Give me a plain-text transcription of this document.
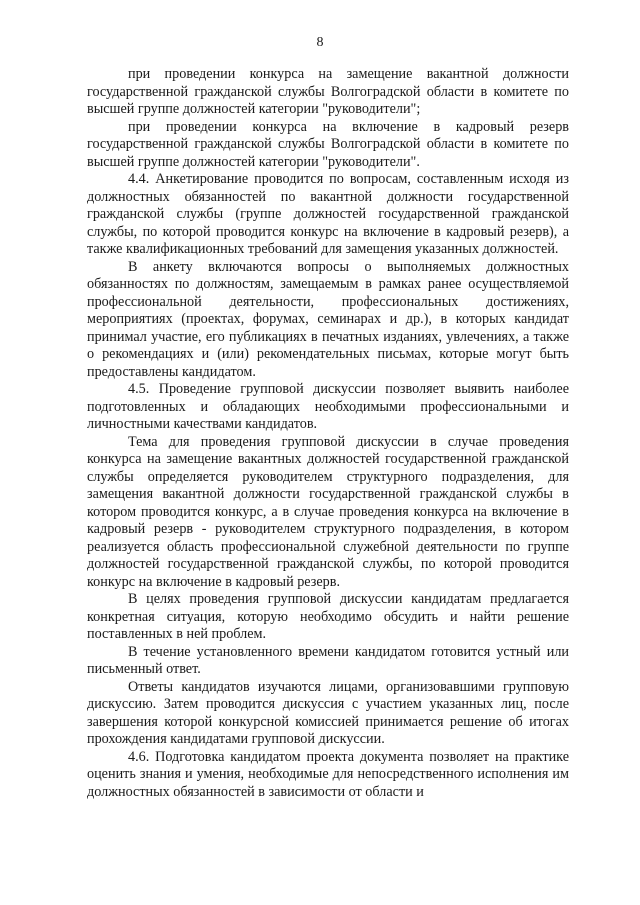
8

при проведении конкурса на замещение вакантной должности государственной гражданской службы Волгоградской области в комитете по высшей группе должностей категории "руководители";

при проведении конкурса на включение в кадровый резерв государственной гражданской службы Волгоградской области в комитете по высшей группе должностей категории "руководители".

4.4. Анкетирование проводится по вопросам, составленным исходя из должностных обязанностей по вакантной должности государственной гражданской службы (группе должностей государственной гражданской службы, по которой проводится конкурс на включение в кадровый резерв), а также квалификационных требований для замещения указанных должностей.

В анкету включаются вопросы о выполняемых должностных обязанностях по должностям, замещаемым в рамках ранее осуществляемой профессиональной деятельности, профессиональных достижениях, мероприятиях (проектах, форумах, семинарах и др.), в которых кандидат принимал участие, его публикациях в печатных изданиях, увлечениях, а также о рекомендациях и (или) рекомендательных письмах, которые могут быть предоставлены кандидатом.

4.5. Проведение групповой дискуссии позволяет выявить наиболее подготовленных и обладающих необходимыми профессиональными и личностными качествами кандидатов.

Тема для проведения групповой дискуссии в случае проведения конкурса на замещение вакантных должностей государственной гражданской службы определяется руководителем структурного подразделения, для замещения вакантной должности государственной гражданской службы в котором проводится конкурс, а в случае проведения конкурса на включение в кадровый резерв - руководителем структурного подразделения, в котором реализуется область профессиональной служебной деятельности по группе должностей государственной гражданской службы, по которой проводится конкурс на включение в кадровый резерв.

В целях проведения групповой дискуссии кандидатам предлагается конкретная ситуация, которую необходимо обсудить и найти решение поставленных в ней проблем.

В течение установленного времени кандидатом готовится устный или письменный ответ.

Ответы кандидатов изучаются лицами, организовавшими групповую дискуссию. Затем проводится дискуссия с участием указанных лиц, после завершения которой конкурсной комиссией принимается решение об итогах прохождения кандидатами групповой дискуссии.

4.6. Подготовка кандидатом проекта документа позволяет на практике оценить знания и умения, необходимые для непосредственного исполнения им должностных обязанностей в зависимости от области и
